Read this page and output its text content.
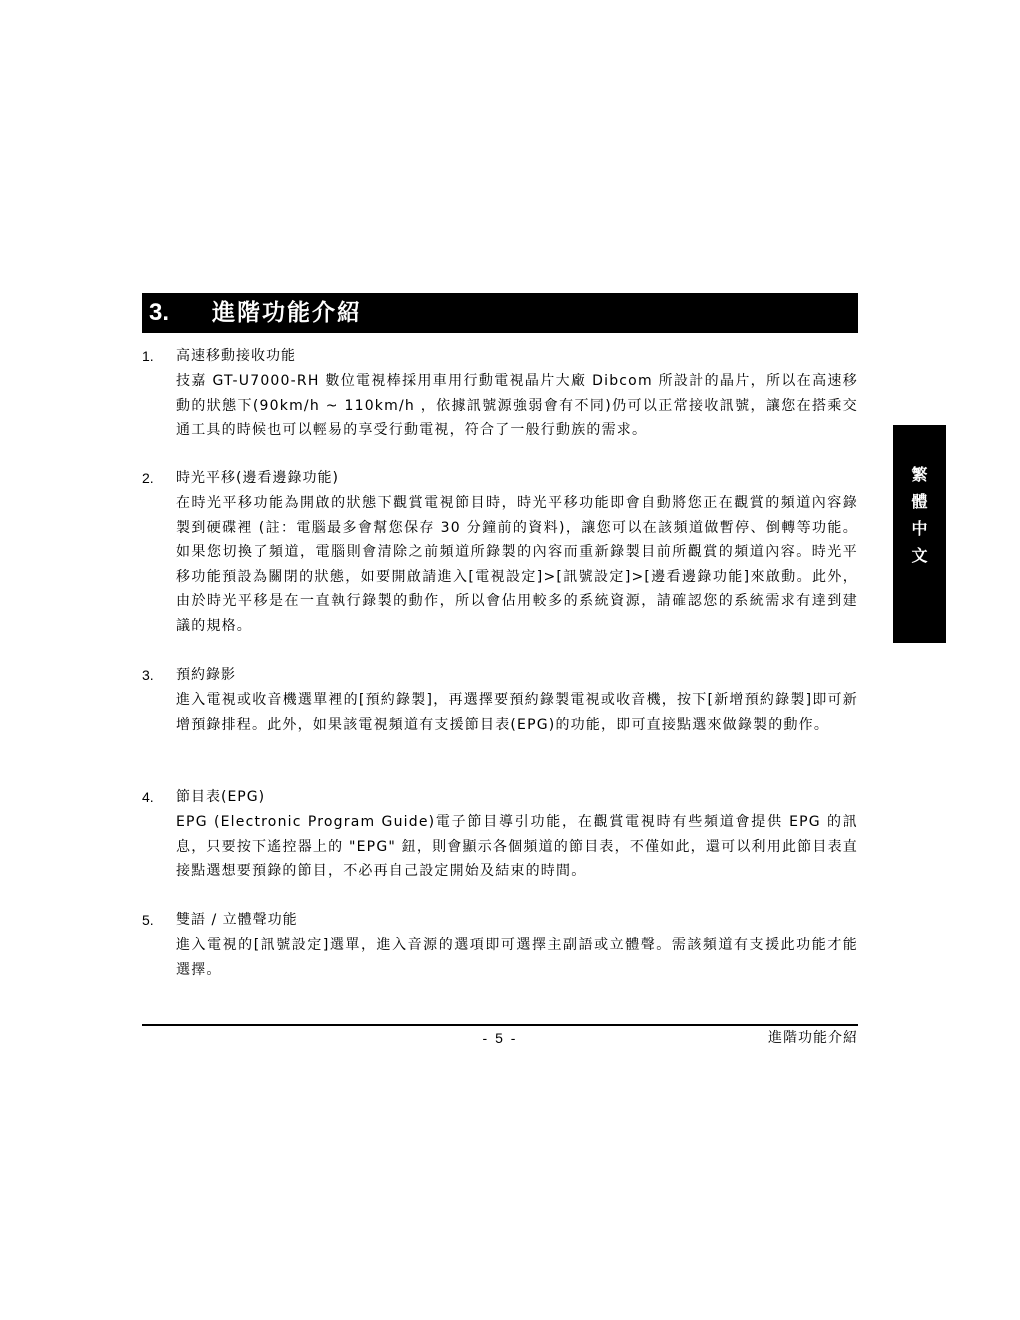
3. 進階功能介紹
1. 高速移動接收功能
技嘉 GT-U7000-RH 數位電視棒採用車用行動電視晶片大廠 Dibcom 所設計的晶片，所以在高速移動的狀態下(90km/h ~ 110km/h ，依據訊號源強弱會有不同)仍可以正常接收訊號，讓您在搭乘交通工具的時候也可以輕易的享受行動電視，符合了一般行動族的需求。
2. 時光平移(邊看邊錄功能)
在時光平移功能為開啟的狀態下觀賞電視節目時，時光平移功能即會自動將您正在觀賞的頻道內容錄製到硬碟裡 (註：電腦最多會幫您保存 30 分鐘前的資料)，讓您可以在該頻道做暫停、倒轉等功能。如果您切換了頻道，電腦則會清除之前頻道所錄製的內容而重新錄製目前所觀賞的頻道內容。時光平移功能預設為關閉的狀態，如要開啟請進入[電視設定]>[訊號設定]>[邊看邊錄功能]來啟動。此外，由於時光平移是在一直執行錄製的動作，所以會佔用較多的系統資源，請確認您的系統需求有達到建議的規格。
3. 預約錄影
進入電視或收音機選單裡的[預約錄製]，再選擇要預約錄製電視或收音機，按下[新增預約錄製]即可新增預錄排程。此外，如果該電視頻道有支援節目表(EPG)的功能，即可直接點選來做錄製的動作。
4. 節目表(EPG)
EPG (Electronic Program Guide)電子節目導引功能，在觀賞電視時有些頻道會提供 EPG 的訊息，只要按下遙控器上的 "EPG" 鈕，則會顯示各個頻道的節目表，不僅如此，還可以利用此節目表直接點選想要預錄的節目，不必再自己設定開始及結束的時間。
5. 雙語 / 立體聲功能
進入電視的[訊號設定]選單，進入音源的選項即可選擇主副語或立體聲。需該頻道有支援此功能才能選擇。
繁
體
中
文
- 5 -	進階功能介紹
